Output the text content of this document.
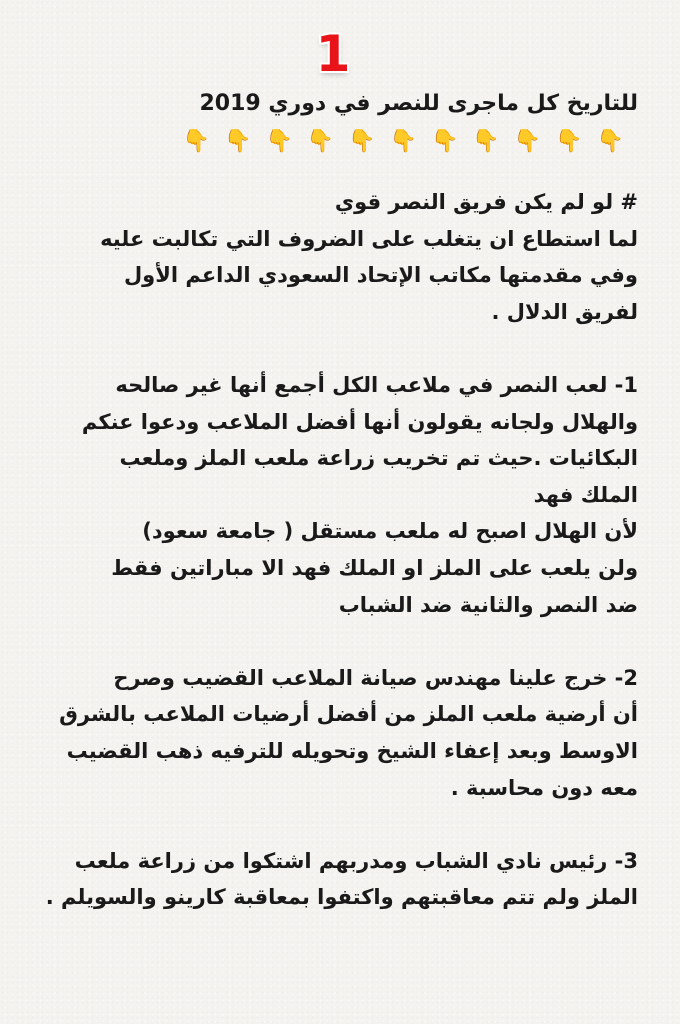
1
للتاريخ كل ماجرى للنصر في دوري 2019
👇👇👇👇👇👇👇👇👇👇👇
# لو لم يكن فريق النصر قوي
لما استطاع ان يتغلب على الضروف التي تكالبت عليه
وفي مقدمتها مكاتب الإتحاد السعودي الداعم الأول
لفريق الدلال .
1- لعب النصر في ملاعب الكل أجمع أنها غير صالحه
والهلال ولجانه يقولون أنها أفضل الملاعب ودعوا عنكم
البكائيات .حيث تم تخريب زراعة ملعب الملز وملعب
الملك فهد
لأن الهلال اصبح له ملعب مستقل ( جامعة سعود)
ولن يلعب على الملز او الملك فهد الا مباراتين فقط
ضد النصر والثانية ضد الشباب
2- خرج علينا مهندس صيانة الملاعب القضيب وصرح
أن أرضية ملعب الملز من أفضل أرضيات الملاعب بالشرق
الاوسط وبعد إعفاء الشيخ وتحويله للترفيه ذهب القضيب
معه دون محاسبة .
3- رئيس نادي الشباب ومدربهم اشتكوا من زراعة ملعب
الملز ولم تتم معاقبتهم واكتفوا بمعاقبة كارينو والسويلم .
